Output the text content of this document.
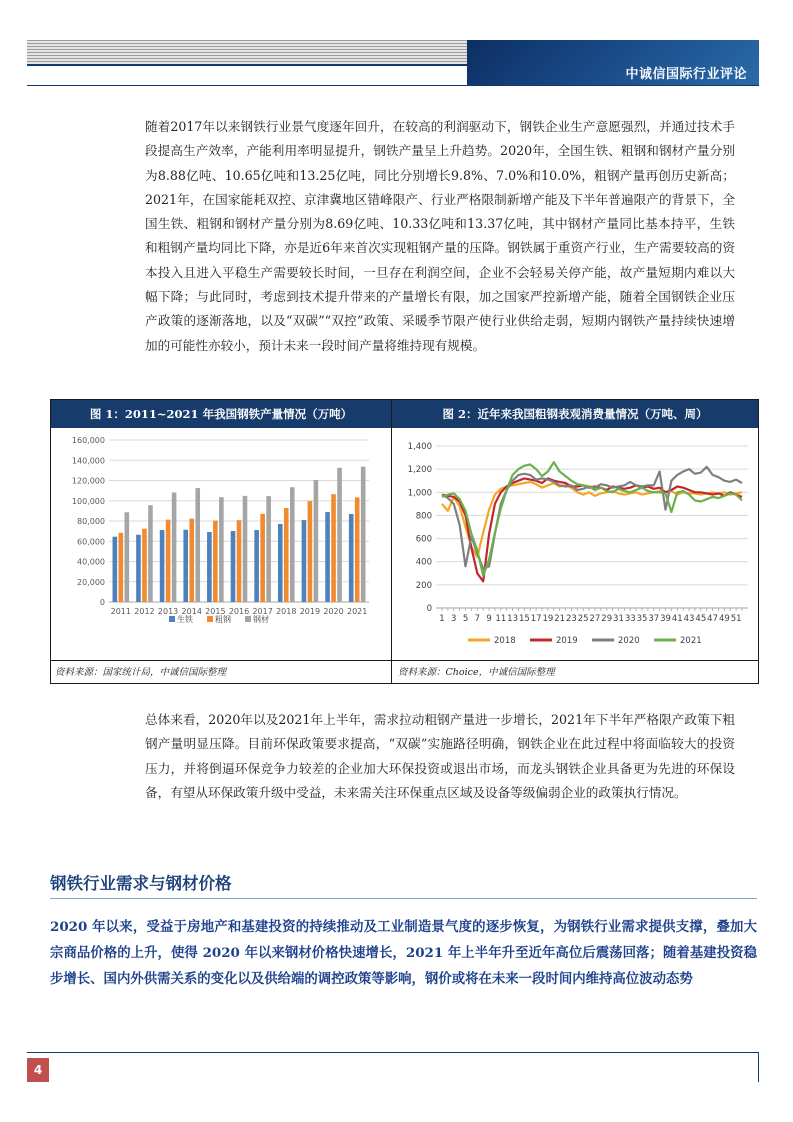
中诚信国际行业评论

随着2017年以来钢铁行业景气度逐年回升，在较高的利润驱动下，钢铁企业生产意愿强烈，并通过技术手段提高生产效率，产能利用率明显提升，钢铁产量呈上升趋势。2020年，全国生铁、粗钢和钢材产量分别为8.88亿吨、10.65亿吨和13.25亿吨，同比分别增长9.8%、7.0%和10.0%，粗钢产量再创历史新高；2021年，在国家能耗双控、京津冀地区错峰限产、行业严格限制新增产能及下半年普遍限产的背景下，全国生铁、粗钢和钢材产量分别为8.69亿吨、10.33亿吨和13.37亿吨，其中钢材产量同比基本持平，生铁和粗钢产量均同比下降，亦是近6年来首次实现粗钢产量的压降。钢铁属于重资产行业，生产需要较高的资本投入且进入平稳生产需要较长时间，一旦存在利润空间，企业不会轻易关停产能，故产量短期内难以大幅下降；与此同时，考虑到技术提升带来的产量增长有限，加之国家严控新增产能，随着全国钢铁企业压产政策的逐渐落地，以及“双碳”“双控”政策、采暖季节限产使行业供给走弱，短期内钢铁产量持续快速增加的可能性亦较小，预计未来一段时间产量将维持现有规模。

图 1：2011~2021 年我国钢铁产量情况（万吨）	图 2：近年来我国粗钢表观消费量情况（万吨、周）
0
20,000
40,000
60,000
80,000
100,000
120,000
140,000
160,000
2011 2012 2013 2014 2015 2016 2017 2018 2019 2020 2021
生铁	粗钢	钢材
0
200
400
600
800
1,000
1,200
1,400
1 3 5 7 9 11 13 15 17 19 21 23 25 27 29 31 33 35 37 39 41 43 45 47 49 51
2018	2019	2020	2021
资料来源：国家统计局，中诚信国际整理	资料来源：Choice，中诚信国际整理

总体来看，2020年以及2021年上半年，需求拉动粗钢产量进一步增长，2021年下半年严格限产政策下粗钢产量明显压降。目前环保政策要求提高，“双碳”实施路径明确，钢铁企业在此过程中将面临较大的投资压力，并将倒逼环保竞争力较差的企业加大环保投资或退出市场，而龙头钢铁企业具备更为先进的环保设备，有望从环保政策升级中受益，未来需关注环保重点区域及设备等级偏弱企业的政策执行情况。

钢铁行业需求与钢材价格

2020 年以来，受益于房地产和基建投资的持续推动及工业制造景气度的逐步恢复，为钢铁行业需求提供支撑，叠加大宗商品价格的上升，使得 2020 年以来钢材价格快速增长，2021 年上半年升至近年高位后震荡回落；随着基建投资稳步增长、国内外供需关系的变化以及供给端的调控政策等影响，钢价或将在未来一段时间内维持高位波动态势

4
